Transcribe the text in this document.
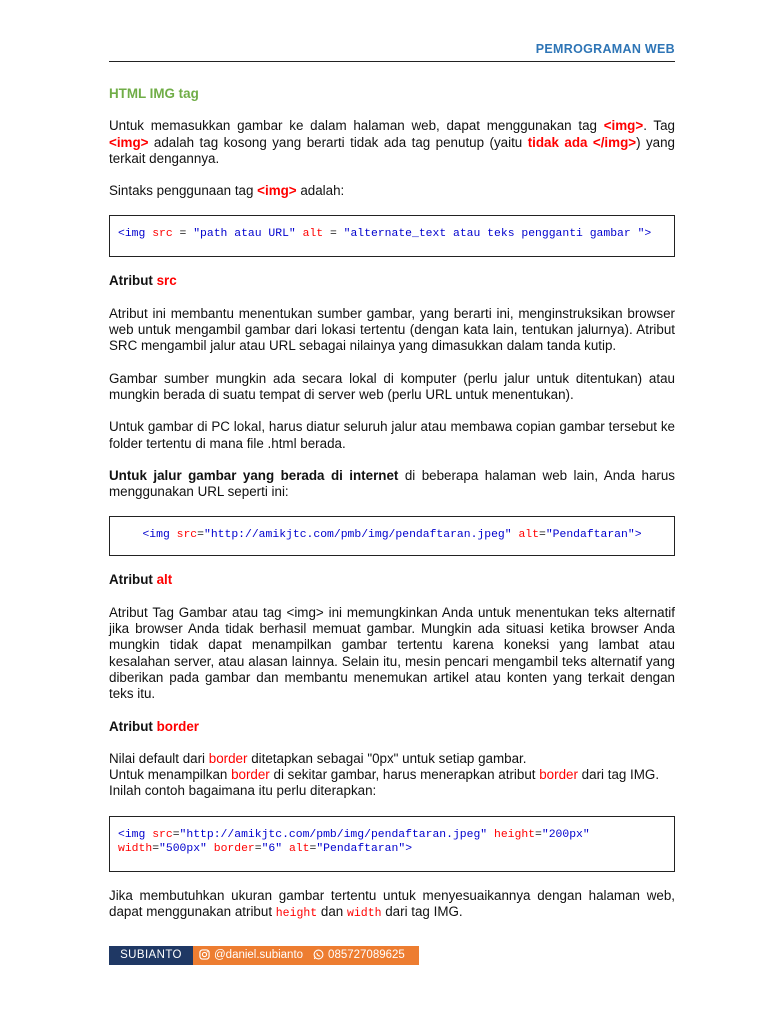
PEMROGRAMAN WEB
HTML IMG tag

Untuk memasukkan gambar ke dalam halaman web, dapat menggunakan tag <img>. Tag <img> adalah tag kosong yang berarti tidak ada tag penutup (yaitu tidak ada </img>) yang terkait dengannya.

Sintaks penggunaan tag <img> adalah:

<img src = "path atau URL" alt = "alternate_text atau teks pengganti gambar ">
Atribut src

Atribut ini membantu menentukan sumber gambar, yang berarti ini, menginstruksikan browser web untuk mengambil gambar dari lokasi tertentu (dengan kata lain, tentukan jalurnya). Atribut SRC mengambil jalur atau URL sebagai nilainya yang dimasukkan dalam tanda kutip.

Gambar sumber mungkin ada secara lokal di komputer (perlu jalur untuk ditentukan) atau mungkin berada di suatu tempat di server web (perlu URL untuk menentukan).

Untuk gambar di PC lokal, harus diatur seluruh jalur atau membawa copian gambar tersebut ke folder tertentu di mana file .html berada.

Untuk jalur gambar yang berada di internet di beberapa halaman web lain, Anda harus menggunakan URL seperti ini:

<img src="http://amikjtc.com/pmb/img/pendaftaran.jpeg" alt="Pendaftaran">
Atribut alt

Atribut Tag Gambar atau tag <img> ini memungkinkan Anda untuk menentukan teks alternatif jika browser Anda tidak berhasil memuat gambar. Mungkin ada situasi ketika browser Anda mungkin tidak dapat menampilkan gambar tertentu karena koneksi yang lambat atau kesalahan server, atau alasan lainnya. Selain itu, mesin pencari mengambil teks alternatif yang diberikan pada gambar dan membantu menemukan artikel atau konten yang terkait dengan teks itu.

Atribut border

Nilai default dari border ditetapkan sebagai "0px" untuk setiap gambar.
Untuk menampilkan border di sekitar gambar, harus menerapkan atribut border dari tag IMG.
Inilah contoh bagaimana itu perlu diterapkan:

<img src="http://amikjtc.com/pmb/img/pendaftaran.jpeg" height="200px"
width="500px" border="6" alt="Pendaftaran">

Jika membutuhkan ukuran gambar tertentu untuk menyesuaikannya dengan halaman web, dapat menggunakan atribut height dan width dari tag IMG.

SUBIANTO	@daniel.subianto 085727089625
